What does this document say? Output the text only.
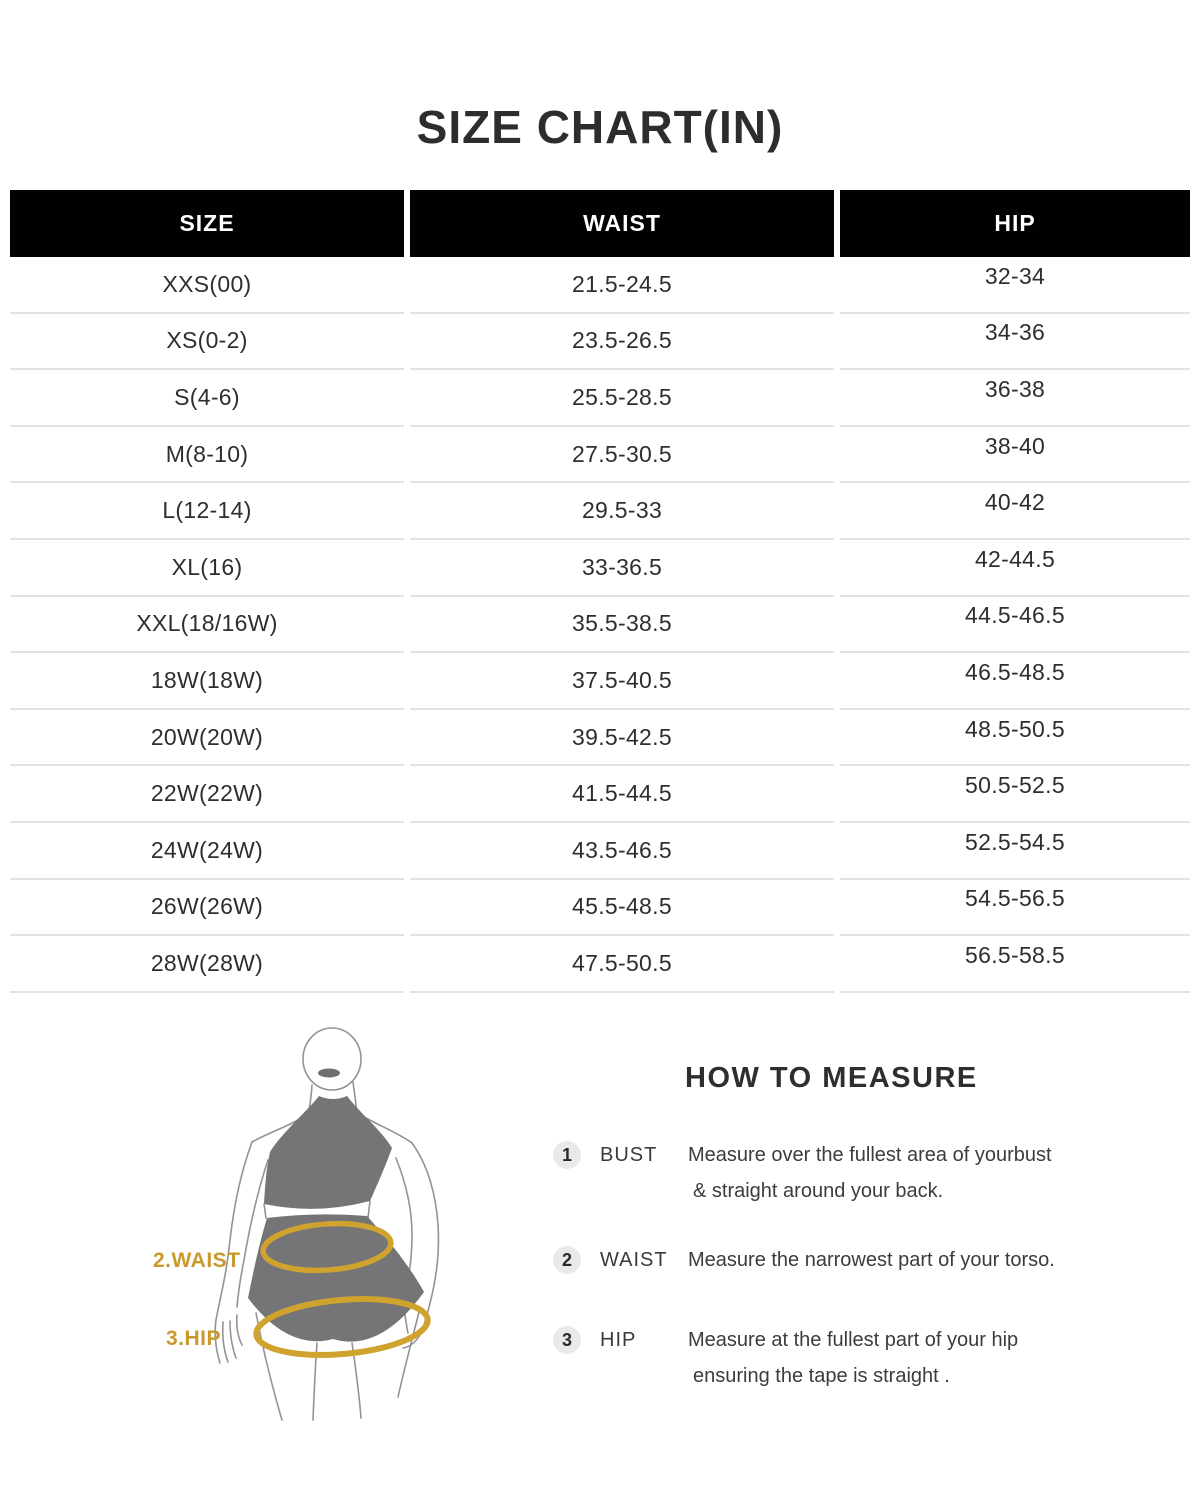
SIZE CHART(IN)
SIZE	WAIST	HIP
XXS(00)	21.5-24.5	32-34
XS(0-2)	23.5-26.5	34-36
S(4-6)	25.5-28.5	36-38
M(8-10)	27.5-30.5	38-40
L(12-14)	29.5-33	40-42
XL(16)	33-36.5	42-44.5
XXL(18/16W)	35.5-38.5	44.5-46.5
18W(18W)	37.5-40.5	46.5-48.5
20W(20W)	39.5-42.5	48.5-50.5
22W(22W)	41.5-44.5	50.5-52.5
24W(24W)	43.5-46.5	52.5-54.5
26W(26W)	45.5-48.5	54.5-56.5
28W(28W)	47.5-50.5	56.5-58.5
2.WAIST
3.HIP
HOW TO MEASURE
1	BUST	Measure over the fullest area of yourbust
& straight around your back.
2	WAIST	Measure the narrowest part of your torso.
3	HIP	Measure at the fullest part of your hip
ensuring the tape is straight .
